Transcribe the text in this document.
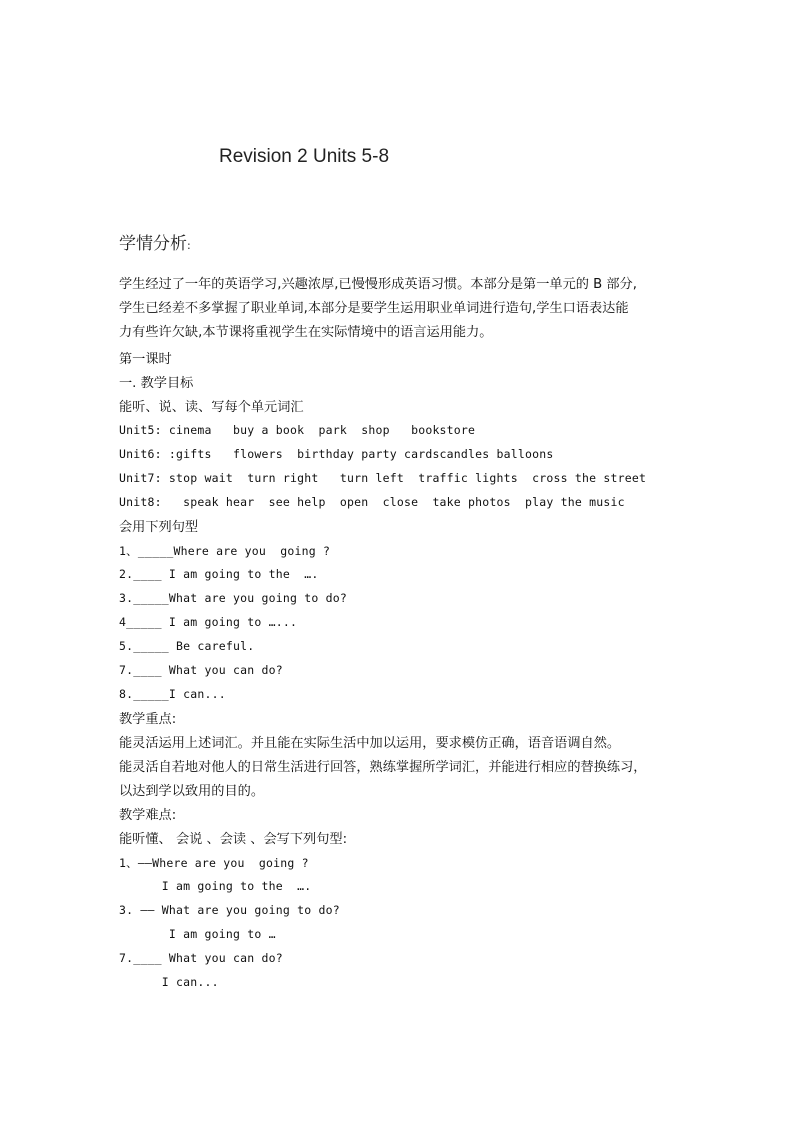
Revision 2 Units 5-8
学情分析:
学生经过了一年的英语学习,兴趣浓厚,已慢慢形成英语习惯。本部分是第一单元的 B 部分,
学生已经差不多掌握了职业单词,本部分是要学生运用职业单词进行造句,学生口语表达能
力有些许欠缺,本节课将重视学生在实际情境中的语言运用能力。
第一课时
一. 教学目标
能听、说、读、写每个单元词汇
Unit5: cinema   buy a book  park  shop   bookstore
Unit6: :gifts   flowers  birthday party cardscandles balloons
Unit7: stop wait  turn right   turn left  traffic lights  cross the street
Unit8:   speak hear  see help  open  close  take photos  play the music
会用下列句型
1、_____Where are you  going ?
2.____ I am going to the  ….
3._____What are you going to do?
4_____ I am going to …...
5._____ Be careful.
7.____ What you can do?
8._____I can...
教学重点:
能灵活运用上述词汇。并且能在实际生活中加以运用，要求模仿正确，语音语调自然。
能灵活自若地对他人的日常生活进行回答，熟练掌握所学词汇，并能进行相应的替换练习，
以达到学以致用的目的。
教学难点:
能听懂、 会说 、会读 、会写下列句型:
1、——Where are you  going ?
I am going to the  ….
3. —— What are you going to do?
I am going to …
7.____ What you can do?
I can...
